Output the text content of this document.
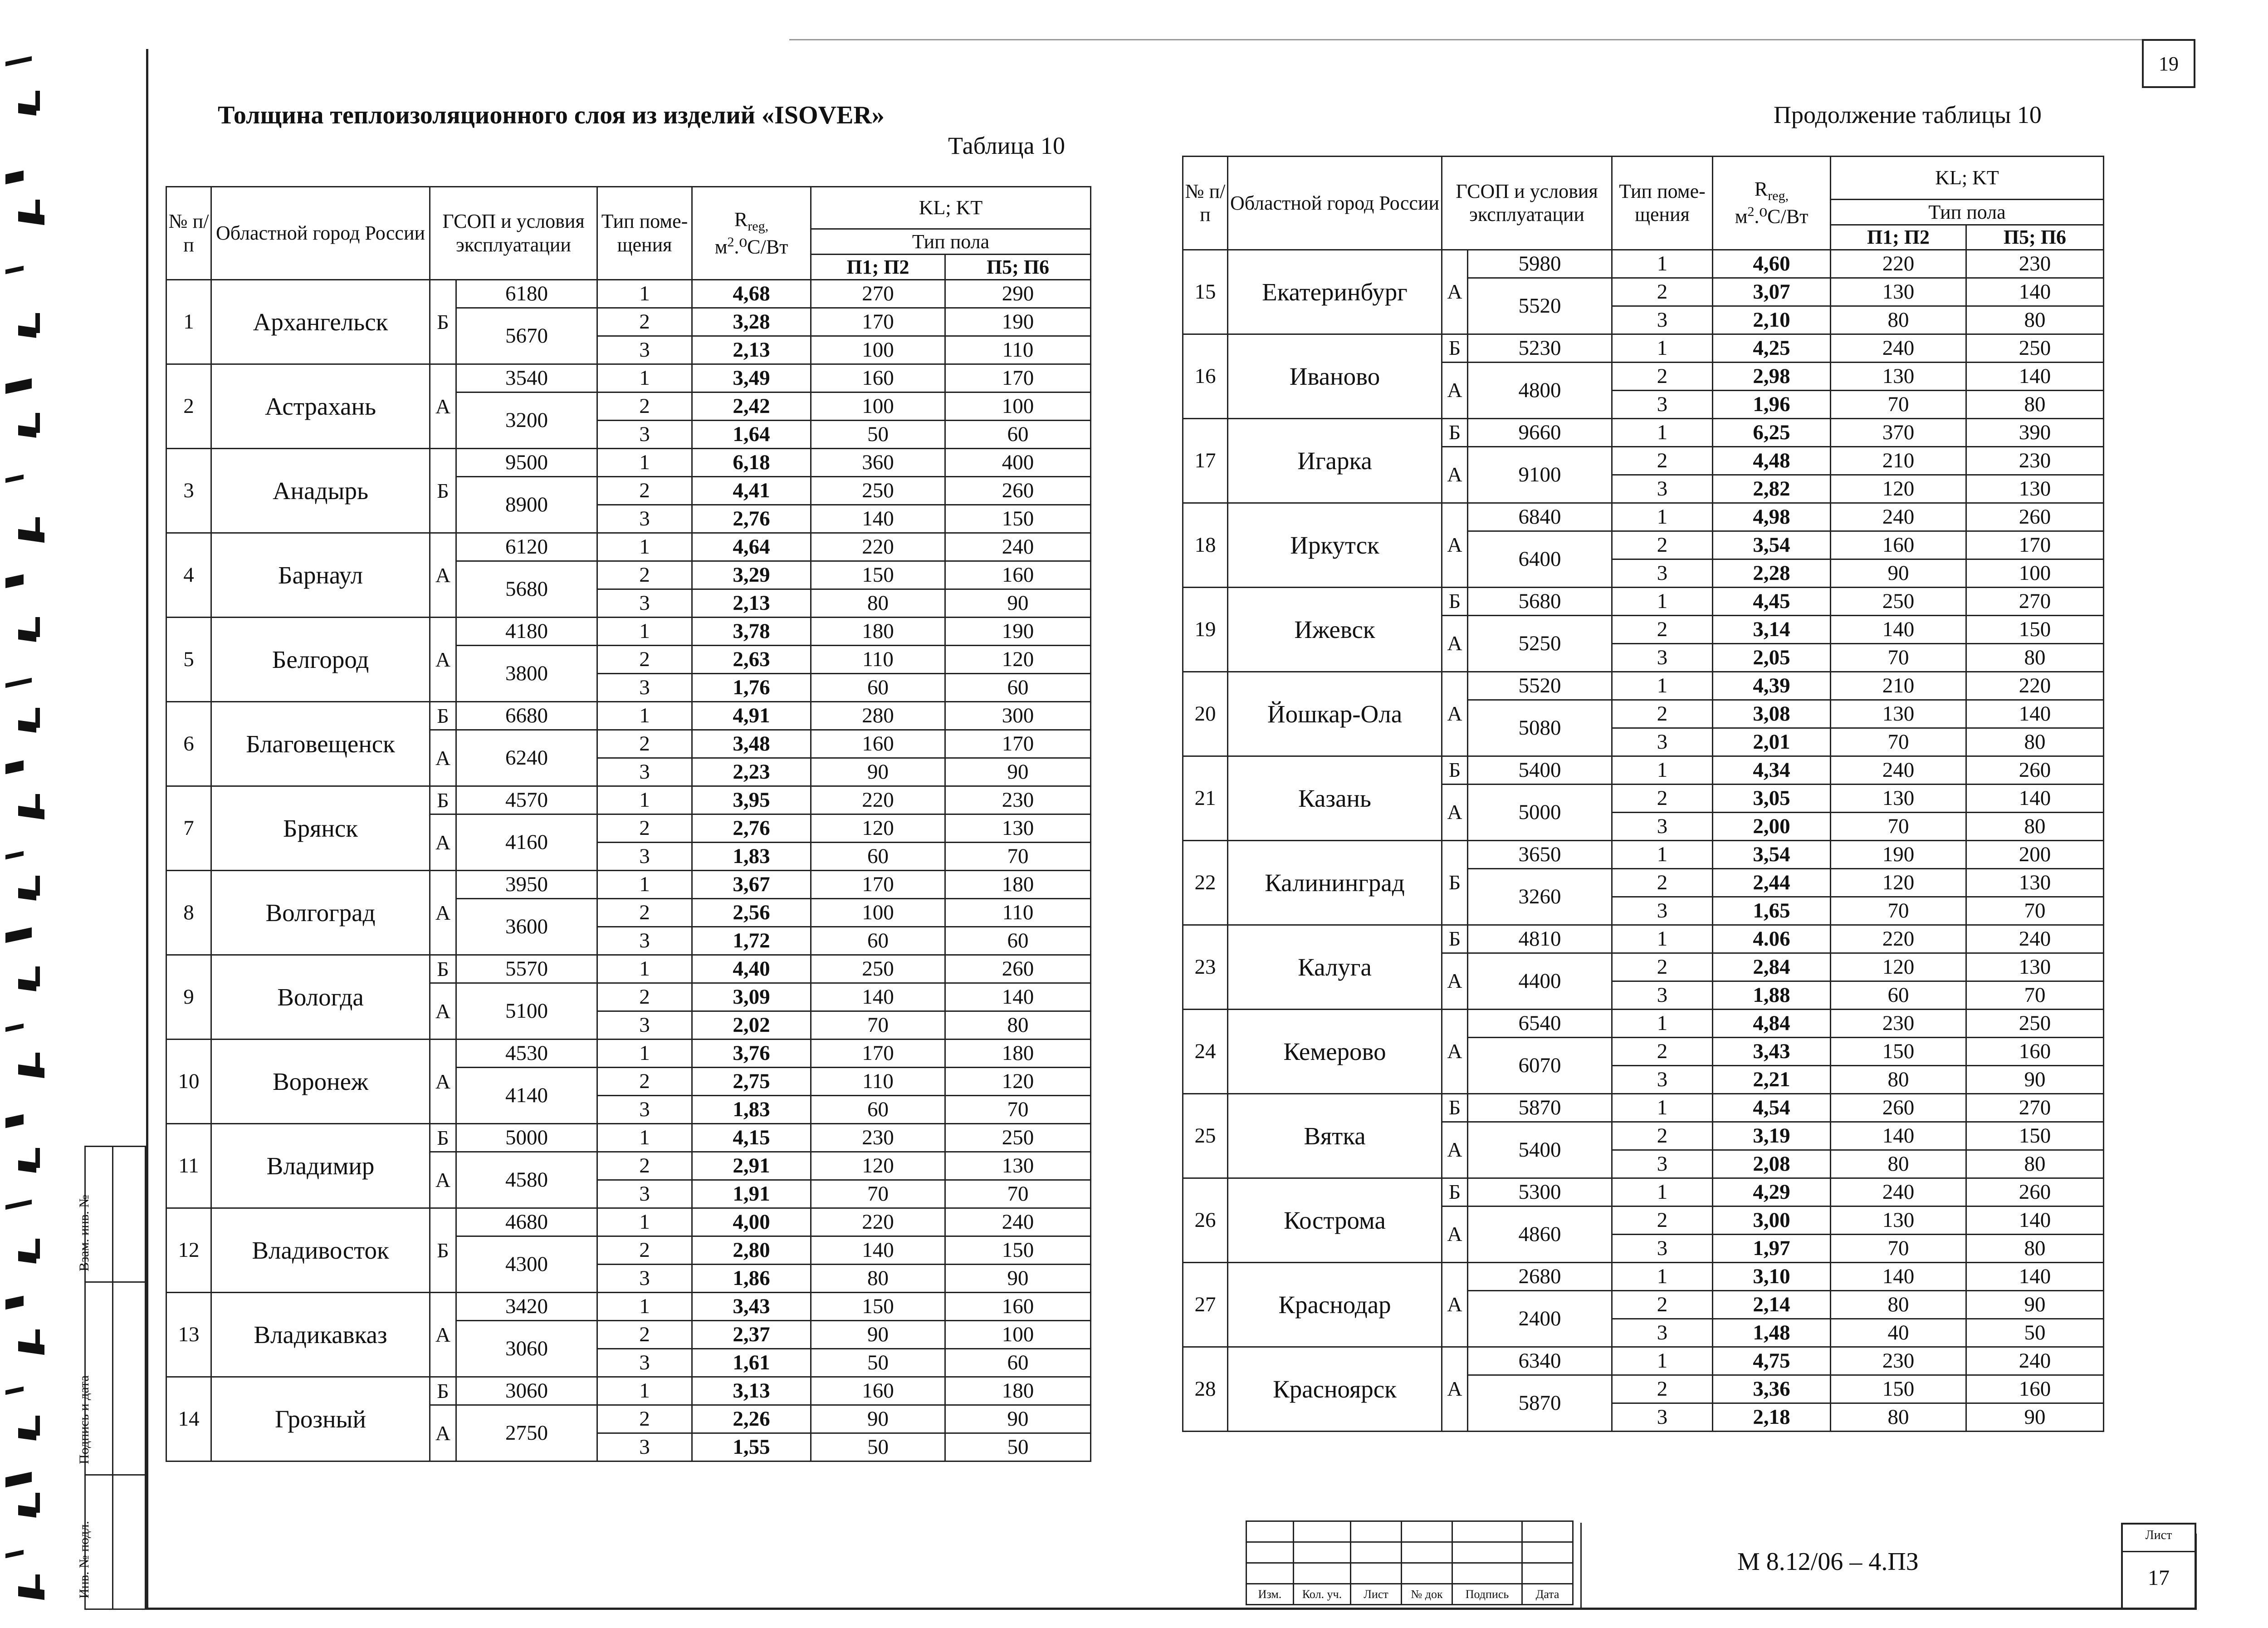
19
Толщина теплоизоляционного слоя из изделий «ISOVER»
Таблица 10
Продолжение таблицы 10
№ п/ п	Областной город России	ГСОП и условия эксплуатации		Тип поме- щения	$R_{reg,}$
$м^2.^0С/Вт$	KL; KT	
						Тип пола	
						П1; П2	П5; П6
1	Архангельск	Б	6180	1	4,68	270	290
			5670	2	3,28	170	190
				3	2,13	100	110
2	Астрахань	А	3540	1	3,49	160	170
			3200	2	2,42	100	100
				3	1,64	50	60
3	Анадырь	Б	9500	1	6,18	360	400
			8900	2	4,41	250	260
				3	2,76	140	150
4	Барнаул	А	6120	1	4,64	220	240
			5680	2	3,29	150	160
				3	2,13	80	90
5	Белгород	А	4180	1	3,78	180	190
			3800	2	2,63	110	120
				3	1,76	60	60
6	Благовещенск	Б	6680	1	4,91	280	300
		А	6240	2	3,48	160	170
				3	2,23	90	90
7	Брянск	Б	4570	1	3,95	220	230
		А	4160	2	2,76	120	130
				3	1,83	60	70
8	Волгоград	А	3950	1	3,67	170	180
			3600	2	2,56	100	110
				3	1,72	60	60
9	Вологда	Б	5570	1	4,40	250	260
		А	5100	2	3,09	140	140
				3	2,02	70	80
10	Воронеж	А	4530	1	3,76	170	180
			4140	2	2,75	110	120
				3	1,83	60	70
11	Владимир	Б	5000	1	4,15	230	250
		А	4580	2	2,91	120	130
				3	1,91	70	70
12	Владивосток	Б	4680	1	4,00	220	240
			4300	2	2,80	140	150
				3	1,86	80	90
13	Владикавказ	А	3420	1	3,43	150	160
			3060	2	2,37	90	100
				3	1,61	50	60
14	Грозный	Б	3060	1	3,13	160	180
		А	2750	2	2,26	90	90
				3	1,55	50	50
№ п/ п	Областной город России	ГСОП и условия эксплуатации		Тип поме- щения	$R_{reg,}$
$м^2.^0С/Вт$	KL; KT	
						Тип пола	
						П1; П2	П5; П6
15	Екатеринбург	А	5980	1	4,60	220	230
			5520	2	3,07	130	140
				3	2,10	80	80
16	Иваново	Б	5230	1	4,25	240	250
		А	4800	2	2,98	130	140
				3	1,96	70	80
17	Игарка	Б	9660	1	6,25	370	390
		А	9100	2	4,48	210	230
				3	2,82	120	130
18	Иркутск	А	6840	1	4,98	240	260
			6400	2	3,54	160	170
				3	2,28	90	100
19	Ижевск	Б	5680	1	4,45	250	270
		А	5250	2	3,14	140	150
				3	2,05	70	80
20	Йошкар-Ола	А	5520	1	4,39	210	220
			5080	2	3,08	130	140
				3	2,01	70	80
21	Казань	Б	5400	1	4,34	240	260
		А	5000	2	3,05	130	140
				3	2,00	70	80
22	Калининград	Б	3650	1	3,54	190	200
			3260	2	2,44	120	130
				3	1,65	70	70
23	Калуга	Б	4810	1	4.06	220	240
		А	4400	2	2,84	120	130
				3	1,88	60	70
24	Кемерово	А	6540	1	4,84	230	250
			6070	2	3,43	150	160
				3	2,21	80	90
25	Вятка	Б	5870	1	4,54	260	270
		А	5400	2	3,19	140	150
				3	2,08	80	80
26	Кострома	Б	5300	1	4,29	240	260
		А	4860	2	3,00	130	140
				3	1,97	70	80
27	Краснодар	А	2680	1	3,10	140	140
			2400	2	2,14	80	90
				3	1,48	40	50
28	Красноярск	А	6340	1	4,75	230	240
			5870	2	3,36	150	160
				3	2,18	80	90
Взам. инв. №
Подпись и дата
Инв. № подл.

						Изм.	Кол. уч.	Лист	№ док	Подпись	Дата
М 8.12/06 – 4.ПЗ
Лист
17
